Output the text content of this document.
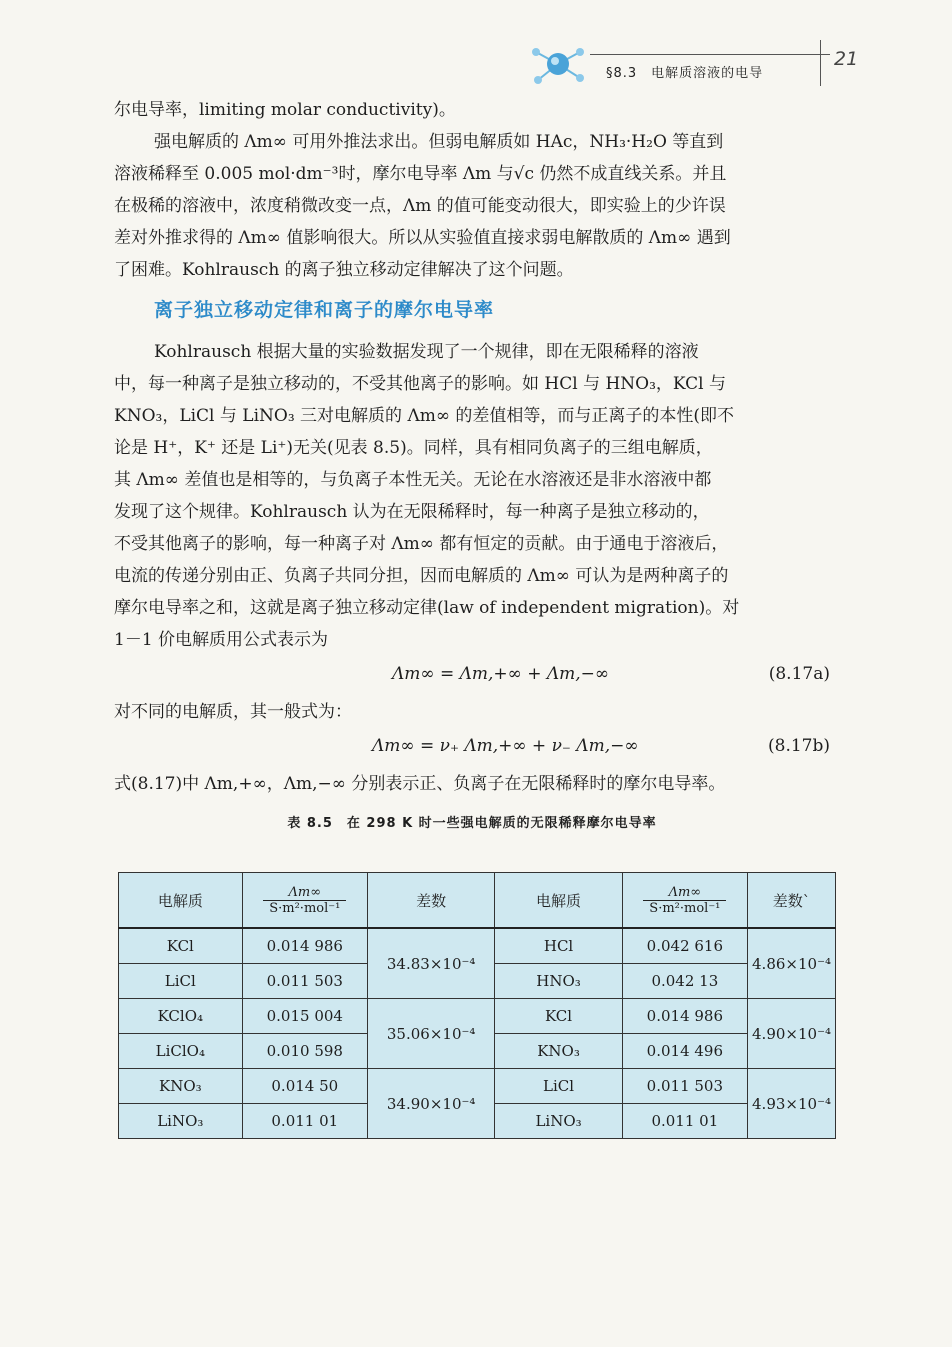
§8.3　电解质溶液的电导
21
尔电导率，limiting molar conductivity)。
强电解质的 Λm∞ 可用外推法求出。但弱电解质如 HAc，NH₃·H₂O 等直到
溶液稀释至 0.005 mol·dm⁻³时，摩尔电导率 Λm 与√c 仍然不成直线关系。并且
在极稀的溶液中，浓度稍微改变一点，Λm 的值可能变动很大，即实验上的少许误
差对外推求得的 Λm∞ 值影响很大。所以从实验值直接求弱电解散质的 Λm∞ 遇到
了困难。Kohlrausch 的离子独立移动定律解决了这个问题。
离子独立移动定律和离子的摩尔电导率
Kohlrausch 根据大量的实验数据发现了一个规律，即在无限稀释的溶液
中，每一种离子是独立移动的，不受其他离子的影响。如 HCl 与 HNO₃，KCl 与
KNO₃，LiCl 与 LiNO₃ 三对电解质的 Λm∞ 的差值相等，而与正离子的本性(即不
论是 H⁺，K⁺ 还是 Li⁺)无关(见表 8.5)。同样，具有相同负离子的三组电解质，
其 Λm∞ 差值也是相等的，与负离子本性无关。无论在水溶液还是非水溶液中都
发现了这个规律。Kohlrausch 认为在无限稀释时，每一种离子是独立移动的，
不受其他离子的影响，每一种离子对 Λm∞ 都有恒定的贡献。由于通电于溶液后，
电流的传递分别由正、负离子共同分担，因而电解质的 Λm∞ 可认为是两种离子的
摩尔电导率之和，这就是离子独立移动定律(law of independent migration)。对
1－1 价电解质用公式表示为
Λm∞ = Λm,+∞ + Λm,−∞	(8.17a)
对不同的电解质，其一般式为：
Λm∞ = ν₊ Λm,+∞ + ν₋ Λm,−∞	(8.17b)
式(8.17)中 Λm,+∞，Λm,−∞ 分别表示正、负离子在无限稀释时的摩尔电导率。
表 8.5　在 298 K 时一些强电解质的无限稀释摩尔电导率
电解质	$\frac{\Lambda m\infty}{\text{S·m²·mol⁻¹}}$	差数	电解质	$\frac{\Lambda m\infty}{\text{S·m²·mol⁻¹}}$	差数`
KCl	0.014 986	34.83×10⁻⁴	HCl	0.042 616	4.86×10⁻⁴
LiCl	0.011 503		HNO₃	0.042 13	
KClO₄	0.015 004	35.06×10⁻⁴	KCl	0.014 986	4.90×10⁻⁴
LiClO₄	0.010 598		KNO₃	0.014 496	
KNO₃	0.014 50	34.90×10⁻⁴	LiCl	0.011 503	4.93×10⁻⁴
LiNO₃	0.011 01		LiNO₃	0.011 01	
